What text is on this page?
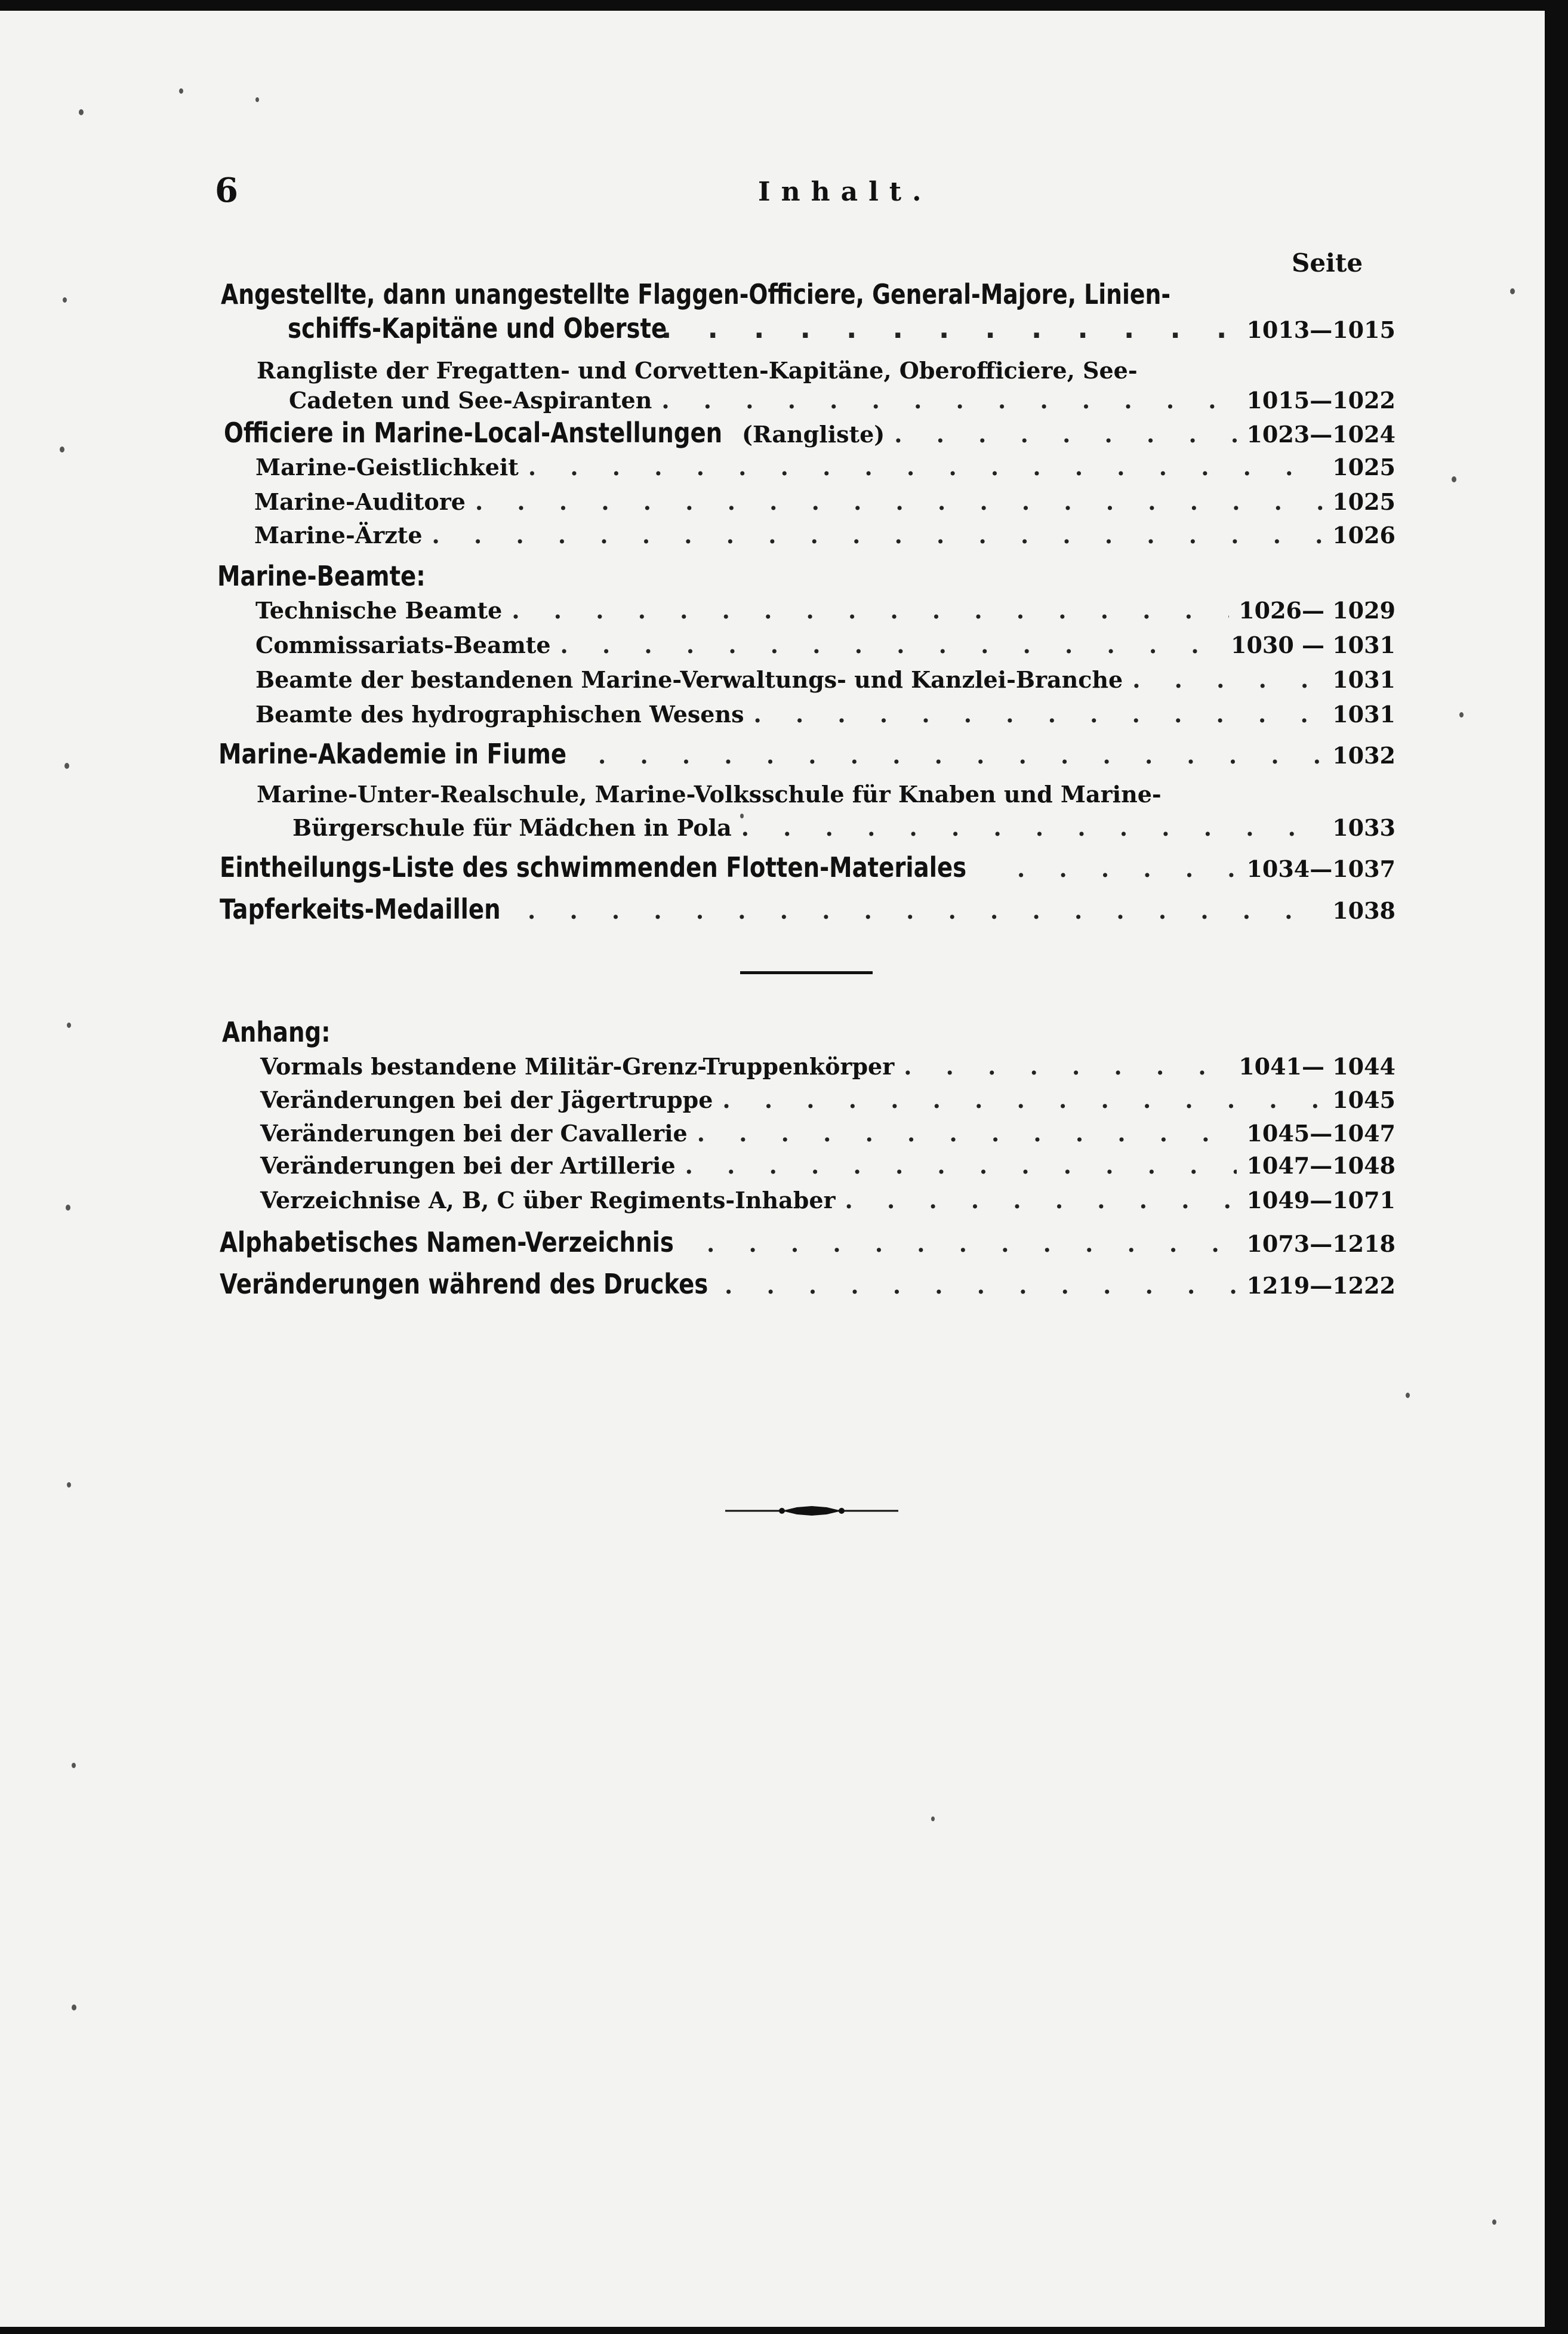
6	Inhalt.
Seite
Angestellte, dann unangestellte Flaggen-Officiere, General-Majore, Linien-
schiffs-Kapitäne und Oberste . . .	1013—1015
Rangliste der Fregatten- und Corvetten-Kapitäne, Oberofficiere, See-
Cadeten und See-Aspiranten . . .	1015—1022
Officiere in Marine-Local-Anstellungen (Rangliste) . . .	1023—1024
Marine-Geistlichkeit . . .	1025
Marine-Auditore . . .	1025
Marine-Ärzte . . .	1026
Marine-Beamte:
Technische Beamte . . .	1026— 1029
Commissariats-Beamte . . .	1030 — 1031
Beamte der bestandenen Marine-Verwaltungs- und Kanzlei-Branche . . .	1031
Beamte des hydrographischen Wesens . . .	1031
Marine-Akademie in Fiume . . .	1032
Marine-Unter-Realschule, Marine-Volksschule für Knaben und Marine-
Bürgerschule für Mädchen in Pola . . .	1033
Eintheilungs-Liste des schwimmenden Flotten-Materiales . . .	1034—1037
Tapferkeits-Medaillen . . .	1038
Anhang:
Vormals bestandene Militär-Grenz-Truppenkörper . . .	1041— 1044
Veränderungen bei der Jägertruppe . . .	1045
Veränderungen bei der Cavallerie . . .	1045—1047
Veränderungen bei der Artillerie . . .	1047—1048
Verzeichnise A, B, C über Regiments-Inhaber . . .	1049—1071
Alphabetisches Namen-Verzeichnis . . .	1073—1218
Veränderungen während des Druckes . . .	1219—1222
